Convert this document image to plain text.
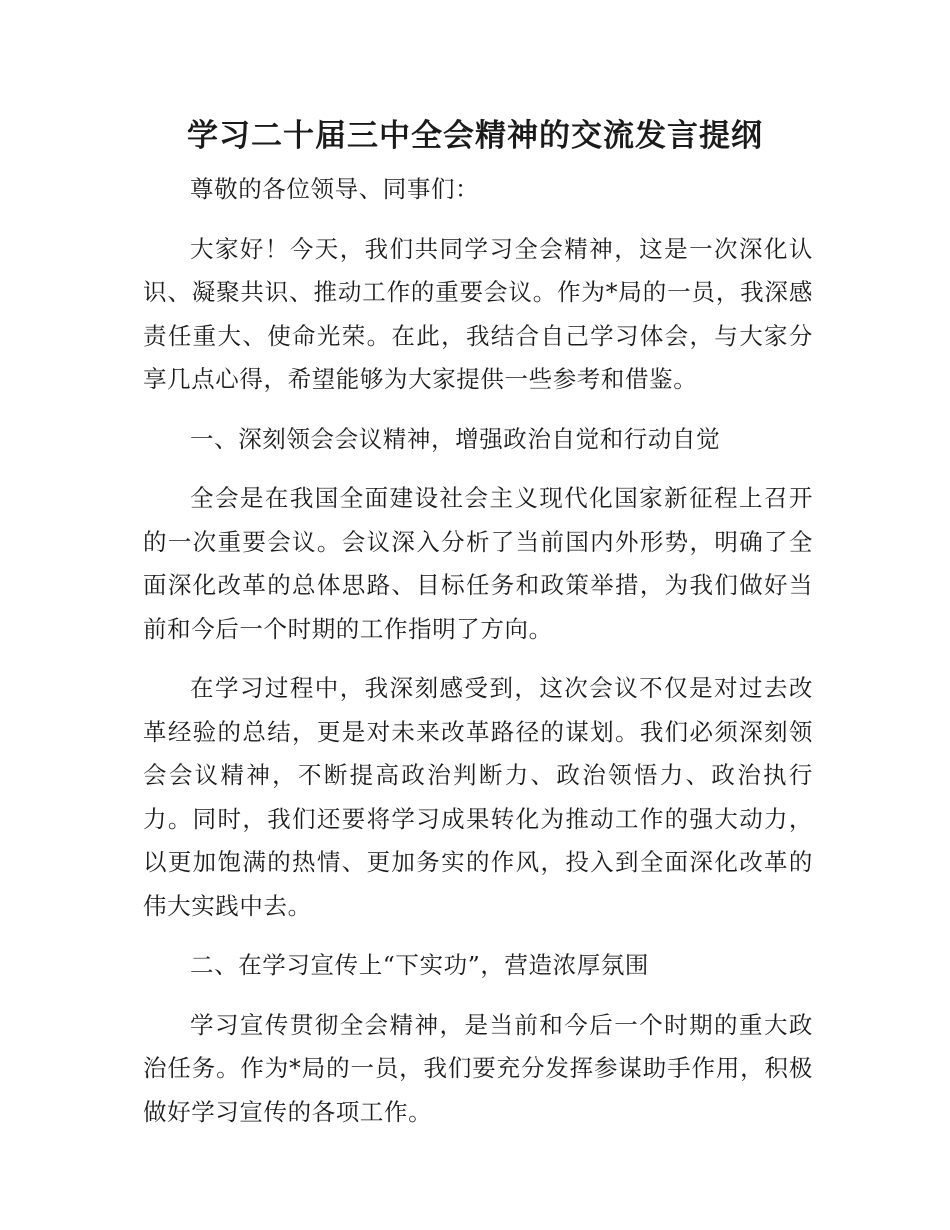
学习二十届三中全会精神的交流发言提纲

尊敬的各位领导、同事们：

大家好！今天，我们共同学习全会精神，这是一次深化认识、凝聚共识、推动工作的重要会议。作为*局的一员，我深感责任重大、使命光荣。在此，我结合自己学习体会，与大家分享几点心得，希望能够为大家提供一些参考和借鉴。

一、深刻领会会议精神，增强政治自觉和行动自觉

全会是在我国全面建设社会主义现代化国家新征程上召开的一次重要会议。会议深入分析了当前国内外形势，明确了全面深化改革的总体思路、目标任务和政策举措，为我们做好当前和今后一个时期的工作指明了方向。

在学习过程中，我深刻感受到，这次会议不仅是对过去改革经验的总结，更是对未来改革路径的谋划。我们必须深刻领会会议精神，不断提高政治判断力、政治领悟力、政治执行力。同时，我们还要将学习成果转化为推动工作的强大动力，以更加饱满的热情、更加务实的作风，投入到全面深化改革的伟大实践中去。

二、在学习宣传上“下实功”，营造浓厚氛围

学习宣传贯彻全会精神，是当前和今后一个时期的重大政治任务。作为*局的一员，我们要充分发挥参谋助手作用，积极做好学习宣传的各项工作。
